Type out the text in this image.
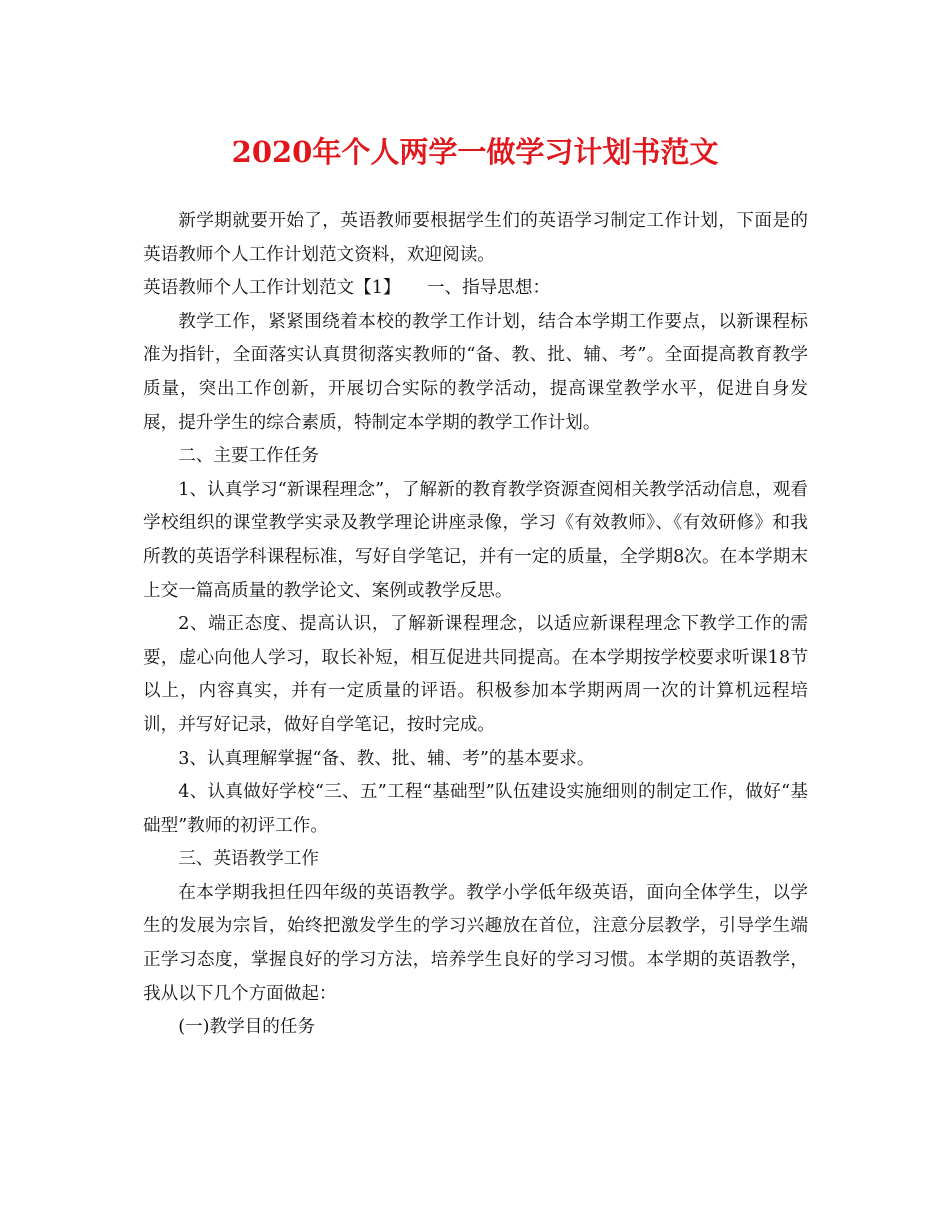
2020年个人两学一做学习计划书范文

新学期就要开始了，英语教师要根据学生们的英语学习制定工作计划，下面是的英语教师个人工作计划范文资料，欢迎阅读。

英语教师个人工作计划范文【1】　　一、指导思想：

教学工作，紧紧围绕着本校的教学工作计划，结合本学期工作要点，以新课程标准为指针，全面落实认真贯彻落实教师的“备、教、批、辅、考”。全面提高教育教学质量，突出工作创新，开展切合实际的教学活动，提高课堂教学水平，促进自身发展，提升学生的综合素质，特制定本学期的教学工作计划。

二、主要工作任务

1、认真学习“新课程理念”，了解新的教育教学资源查阅相关教学活动信息，观看学校组织的课堂教学实录及教学理论讲座录像，学习《有效教师》、《有效研修》和我所教的英语学科课程标准，写好自学笔记，并有一定的质量，全学期8次。在本学期末上交一篇高质量的教学论文、案例或教学反思。

2、端正态度、提高认识，了解新课程理念，以适应新课程理念下教学工作的需要，虚心向他人学习，取长补短，相互促进共同提高。在本学期按学校要求听课18节以上，内容真实，并有一定质量的评语。积极参加本学期两周一次的计算机远程培训，并写好记录，做好自学笔记，按时完成。

3、认真理解掌握“备、教、批、辅、考”的基本要求。

4、认真做好学校“三、五”工程“基础型”队伍建设实施细则的制定工作，做好“基础型”教师的初评工作。

三、英语教学工作

在本学期我担任四年级的英语教学。教学小学低年级英语，面向全体学生，以学生的发展为宗旨，始终把激发学生的学习兴趣放在首位，注意分层教学，引导学生端正学习态度，掌握良好的学习方法，培养学生良好的学习习惯。本学期的英语教学，我从以下几个方面做起：

(一)教学目的任务
